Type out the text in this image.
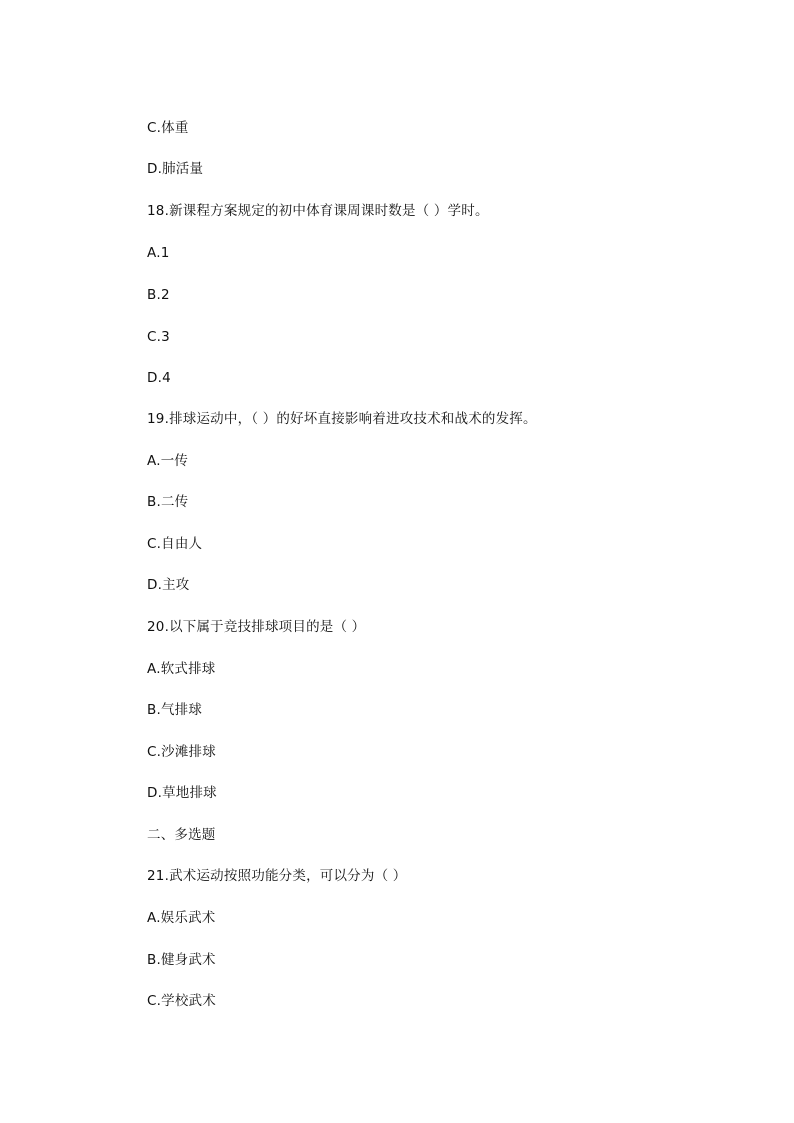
C.体重
D.肺活量
18.新课程方案规定的初中体育课周课时数是（ ）学时。
A.1
B.2
C.3
D.4
19.排球运动中，（ ）的好坏直接影响着进攻技术和战术的发挥。
A.一传
B.二传
C.自由人
D.主攻
20.以下属于竞技排球项目的是（ ）
A.软式排球
B.气排球
C.沙滩排球
D.草地排球
二、多选题
21.武术运动按照功能分类，可以分为（ ）
A.娱乐武术
B.健身武术
C.学校武术
